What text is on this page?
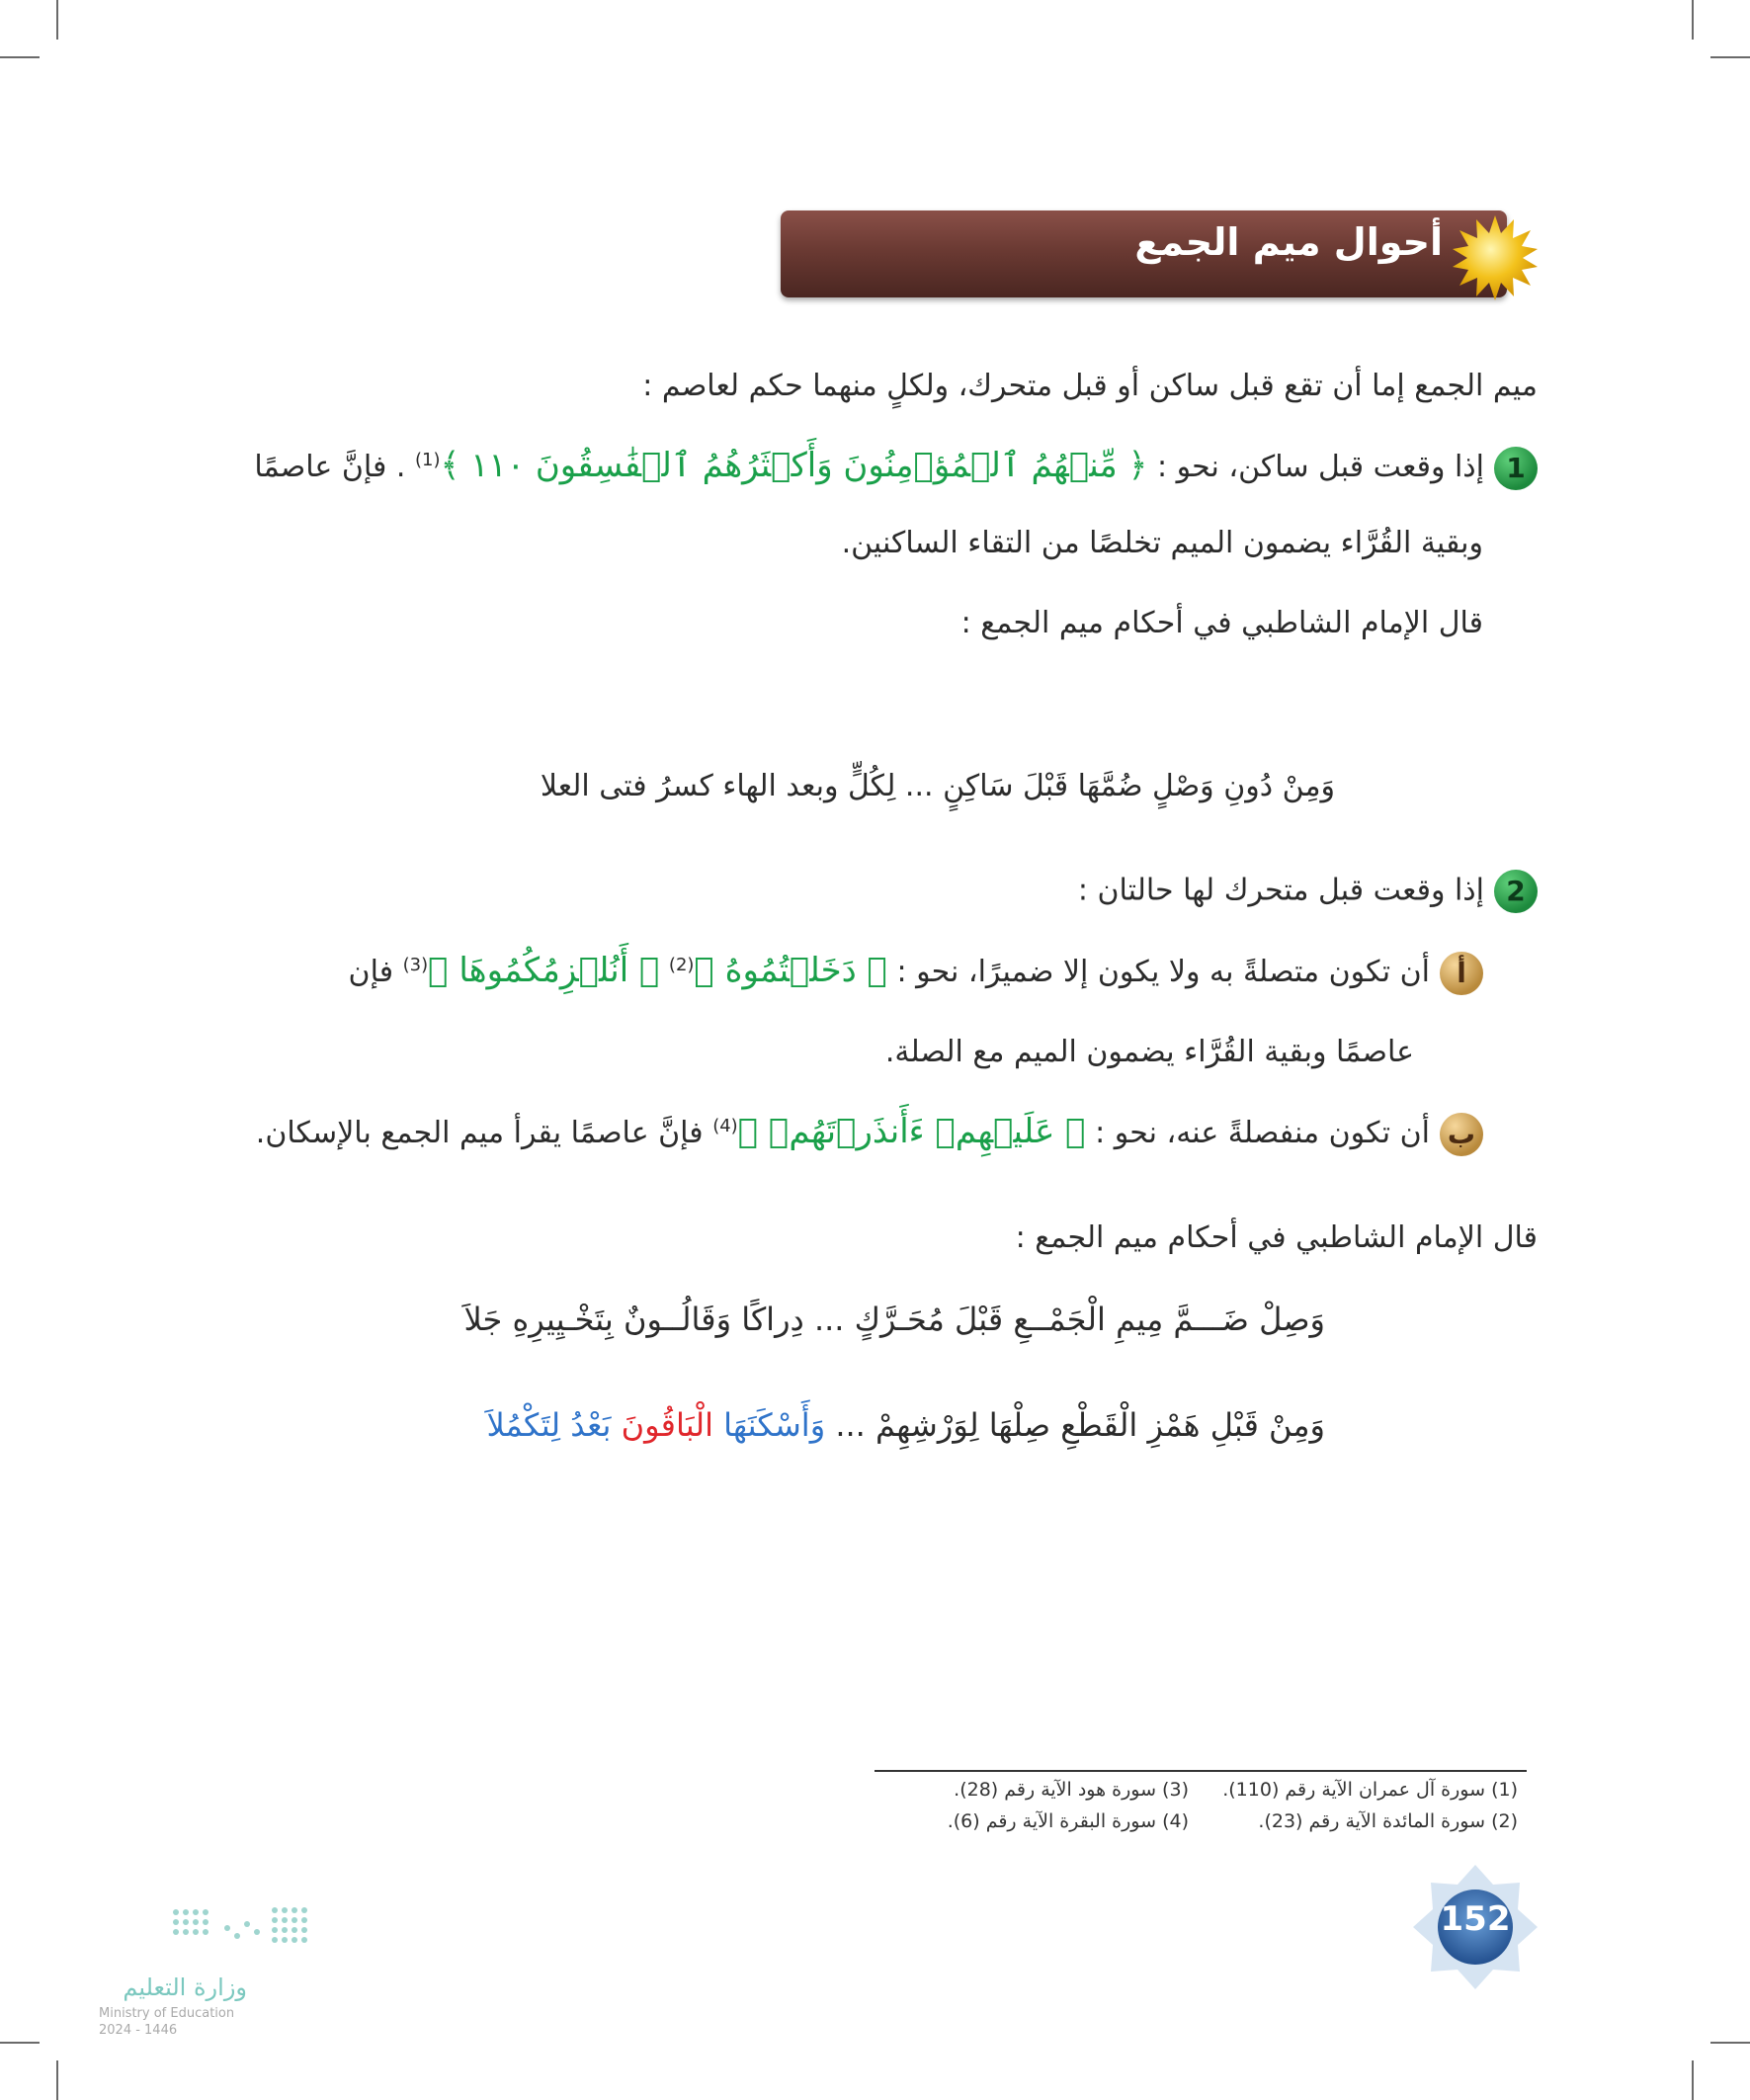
أحوال ميم الجمع
ميم الجمع إما أن تقع قبل ساكن أو قبل متحرك، ولكلٍ منهما حكم لعاصم :
1إذا وقعت قبل ساكن، نحو : ﴿ مِّنۡهُمُ ٱلۡمُؤۡمِنُونَ وَأَكۡثَرُهُمُ ٱلۡفَٰسِقُونَ ١١٠ ﴾$^{(1)}$ . فإنَّ عاصمًا
وبقية القُرَّاء يضمون الميم تخلصًا من التقاء الساكنين.
قال الإمام الشاطبي في أحكام ميم الجمع :
وَمِنْ دُونِ وَصْلٍ ضُمَّهَا قَبْلَ سَاكِنٍ ... لِكُلٍّ وبعد الهاء كسرُ فتى العلا
2إذا وقعت قبل متحرك لها حالتان :
أأن تكون متصلةً به ولا يكون إلا ضميرًا، نحو : ﴿ دَخَلۡتُمُوهُ ﴾$^{(2)}$ ﴿ أَنُلۡزِمُكُمُوهَا ﴾$^{(3)}$ فإن
عاصمًا وبقية القُرَّاء يضمون الميم مع الصلة.
بأن تكون منفصلةً عنه، نحو : ﴿ عَلَيۡهِمۡ ءَأَنذَرۡتَهُمۡ ﴾$^{(4)}$ فإنَّ عاصمًا يقرأ ميم الجمع بالإسكان.
قال الإمام الشاطبي في أحكام ميم الجمع :
وَصِلْ ضَـــمَّ مِيمِ الْجَمْــعِ قَبْلَ مُحَـرَّكٍ ... دِراكًا وَقَالُــونٌ بِتَخْـيِيرِهِ جَلاَ
وَمِنْ قَبْلِ هَمْزِ الْقَطْعِ صِلْهَا لِوَرْشِهِمْ ... وَأَسْكَنَهَا الْبَاقُونَ بَعْدُ لِتَكْمُلاَ
(1) سورة آل عمران الآية رقم (110).
(2) سورة المائدة الآية رقم (23).
(3) سورة هود الآية رقم (28).
(4) سورة البقرة الآية رقم (6).
152
وزارة التعليم
Ministry of Education
2024 - 1446
